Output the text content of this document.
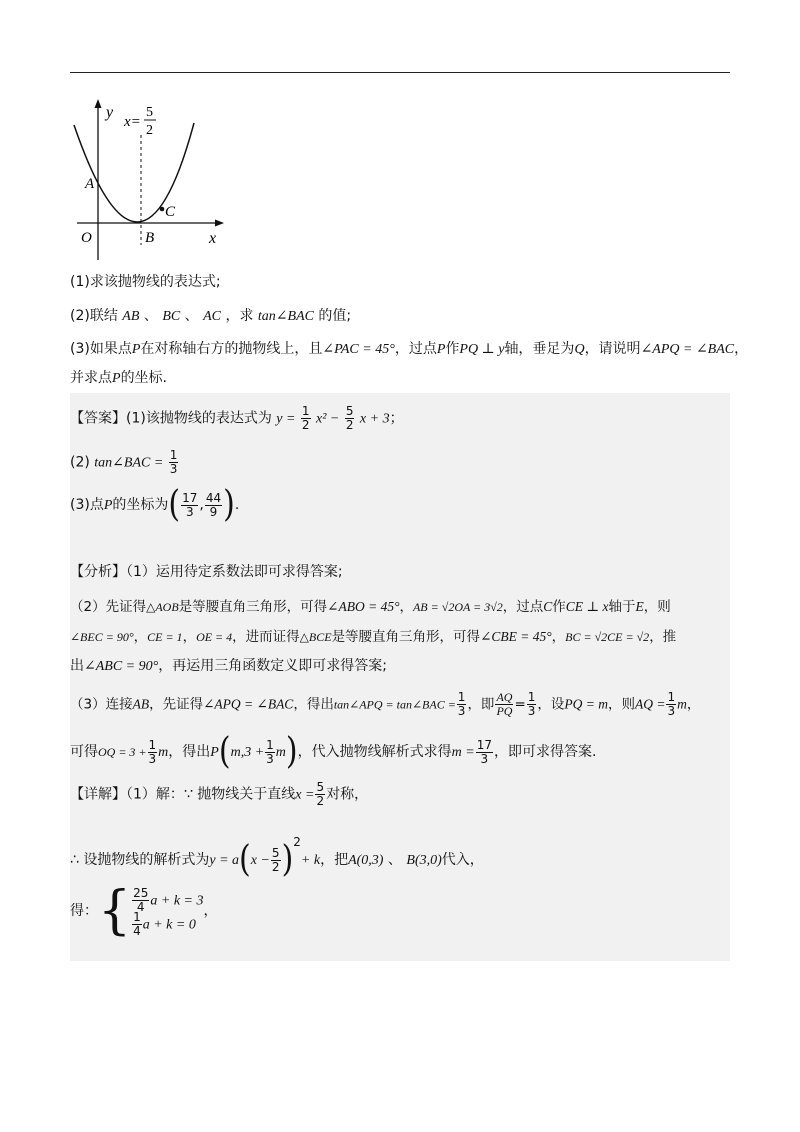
y
x
O
A
B
C
x=
5
2
(1)求该抛物线的表达式;
(2)联结 AB 、 BC 、 AC ，求 tan∠BAC 的值;
(3)如果点P在对称轴右方的抛物线上，且∠PAC = 45°，过点P作PQ ⊥ y轴，垂足为Q，请说明∠APQ = ∠BAC，
并求点P的坐标.
【答案】(1)该抛物线的表达式为 $y = \frac{1}{2} x^2 - \frac{5}{2}$ x + 3；
(2) tan∠BAC = $\frac{1}{3}$
(3)点P的坐标为( $\frac{17}{3}$ , $\frac{44}{9}$ ).
【分析】（1）运用待定系数法即可求得答案;
（2）先证得△AOB是等腰直角三角形，可得∠ABO = 45°，AB = √2OA = 3√2，过点C作CE ⊥ x轴于E，则
∠BEC = 90°，CE = 1，OE = 4，进而证得△BCE是等腰直角三角形，可得∠CBE = 45°，BC = √2CE = √2，推
出∠ABC = 90°，再运用三角函数定义即可求得答案;
（3）连接AB，先证得∠APQ = ∠BAC，得出tan∠APQ = tan∠BAC = $\frac{1}{3}$ ，即 $\frac{AQ}{PQ} = \frac{1}{3}$ ，设PQ = m，则AQ = $\frac{1}{3}$ m，
可得OQ = $3 + \frac{1}{3}$ m，得出$P(m,3 + \frac{1}{3} m)$，代入抛物线解析式求得$m = \frac{17}{3}$ ，即可求得答案.
【详解】（1）解：∵ 抛物线关于直线$x = \frac{5}{2}$ 对称，
∴ 设抛物线的解析式为$y = a(x - \frac{5}{2} )^2+ k$，把A(0,3) 、 B(3,0)代入，
得：{ $\frac{25}{4}$ a + k = 3
$\frac{1}{4}$ a + k = 0
，
